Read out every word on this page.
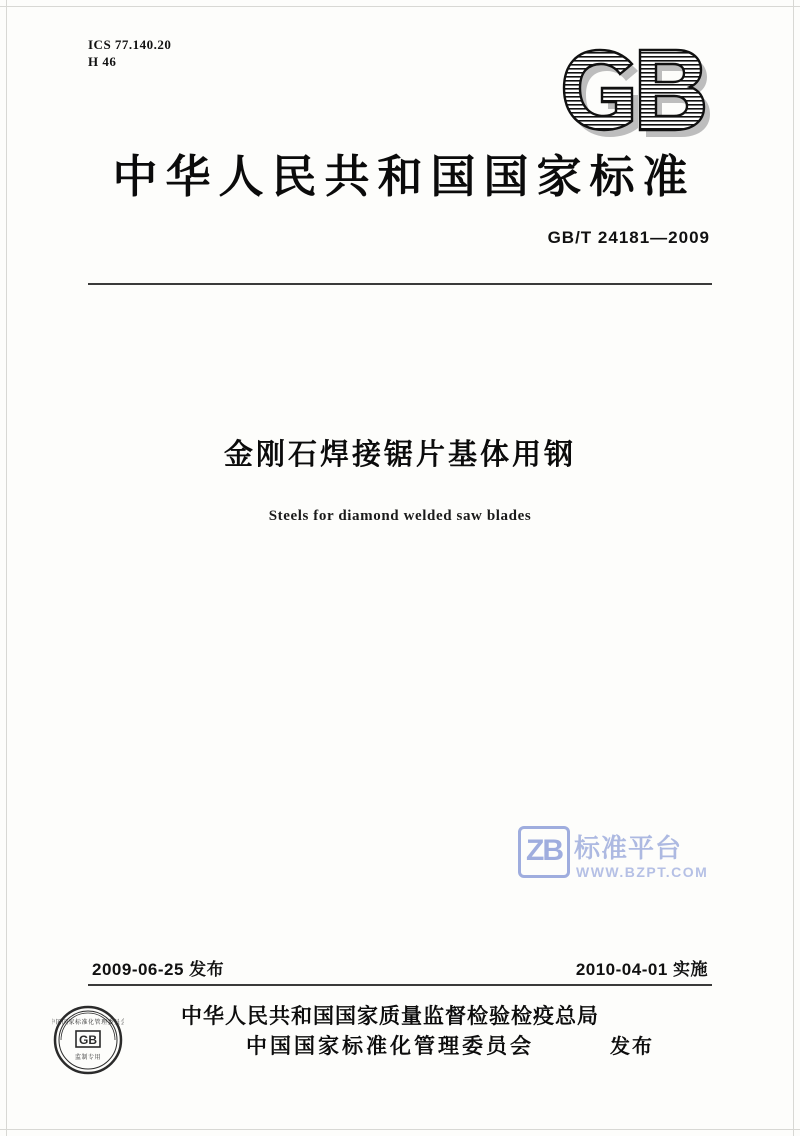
ICS 77.140.20
H 46
中华人民共和国国家标准
GB/T 24181—2009
金刚石焊接锯片基体用钢
Steels for diamond welded saw blades
ZB 标准平台
WWW.BZPT.COM
2009-06-25 发布	2010-04-01 实施
中国国家标准化管理委员会
GB
监制专用
中华人民共和国国家质量监督检验检疫总局
中国国家标准化管理委员会	发布
